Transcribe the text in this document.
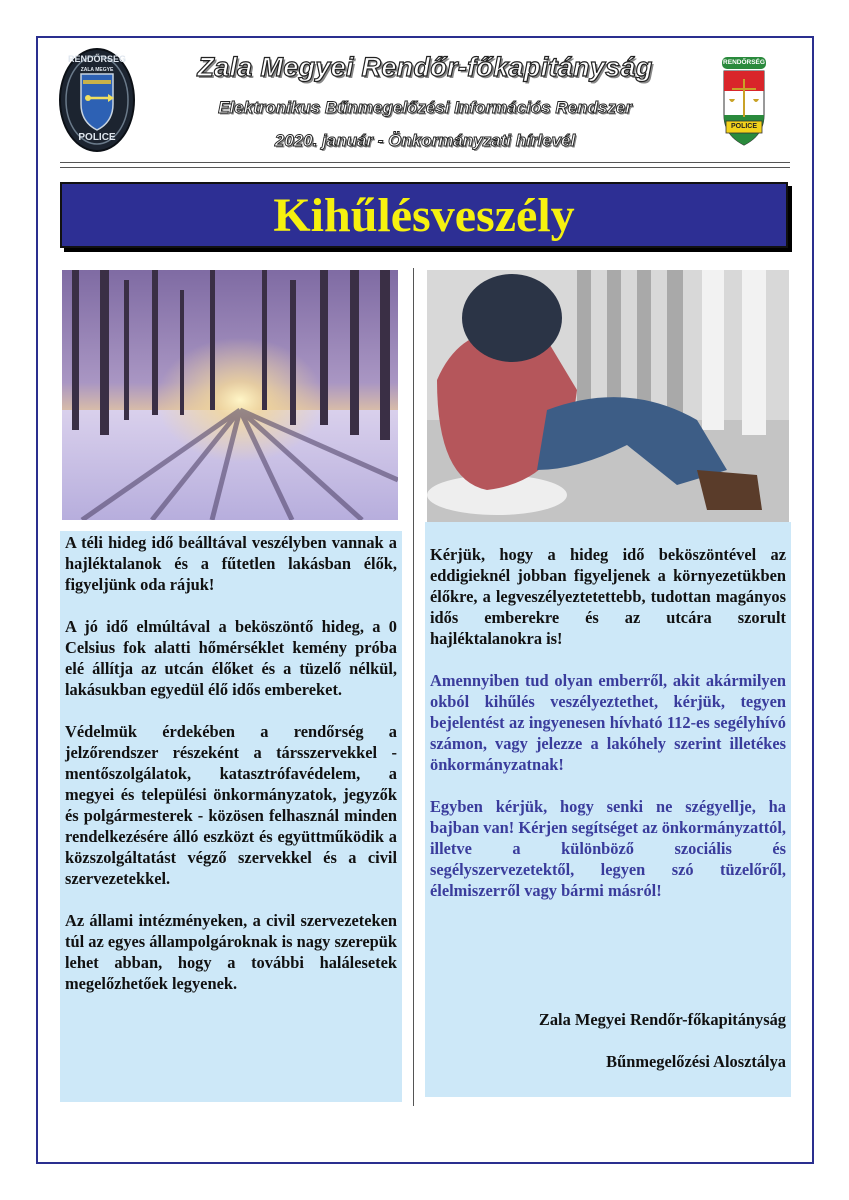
RENDŐRSÉG
ZALA MEGYE
POLICE
Zala Megyei Rendőr-főkapitányság
Elektronikus Bűnmegelőzési Információs Rendszer
2020. január - Önkormányzati hírlevél
RENDŐRSÉG
POLICE
Kihűlésveszély

A téli hideg idő beálltával veszélyben vannak a hajléktalanok és a fűtetlen lakásban élők, figyeljünk oda rájuk!

A jó idő elmúltával a beköszöntő hideg, a 0 Celsius fok alatti hőmérséklet kemény próba elé állítja az utcán élőket és a tüzelő nélkül, lakásukban egyedül élő idős embereket.

Védelmük érdekében a rendőrség a jelzőrendszer részeként a társszervekkel - mentőszolgálatok, katasztrófavédelem, a megyei és települési önkormányzatok, jegyzők és polgármesterek - közösen felhasznál minden rendelkezésére álló eszközt és együttműködik a közszolgáltatást végző szervekkel és a civil szervezetekkel.

Az állami intézményeken, a civil szervezeteken túl az egyes állampolgároknak is nagy szerepük lehet abban, hogy a további halálesetek megelőzhetőek legyenek.

Kérjük, hogy a hideg idő beköszöntével az eddigieknél jobban figyeljenek a környezetükben élőkre, a legveszélyeztetettebb, tudottan magányos idős emberekre és az utcára szorult hajléktalanokra is!

Amennyiben tud olyan emberről, akit akármilyen okból kihűlés veszélyeztethet, kérjük, tegyen bejelentést az ingyenesen hívható 112-es segélyhívó számon, vagy jelezze a lakóhely szerint illetékes önkormányzatnak!

Egyben kérjük, hogy senki ne szégyellje, ha bajban van! Kérjen segítséget az önkormányzattól, illetve a különböző szociális és segélyszervezetektől, legyen szó tüzelőről, élelmiszerről vagy bármi másról!

Zala Megyei Rendőr-főkapitányság

Bűnmegelőzési Alosztálya
